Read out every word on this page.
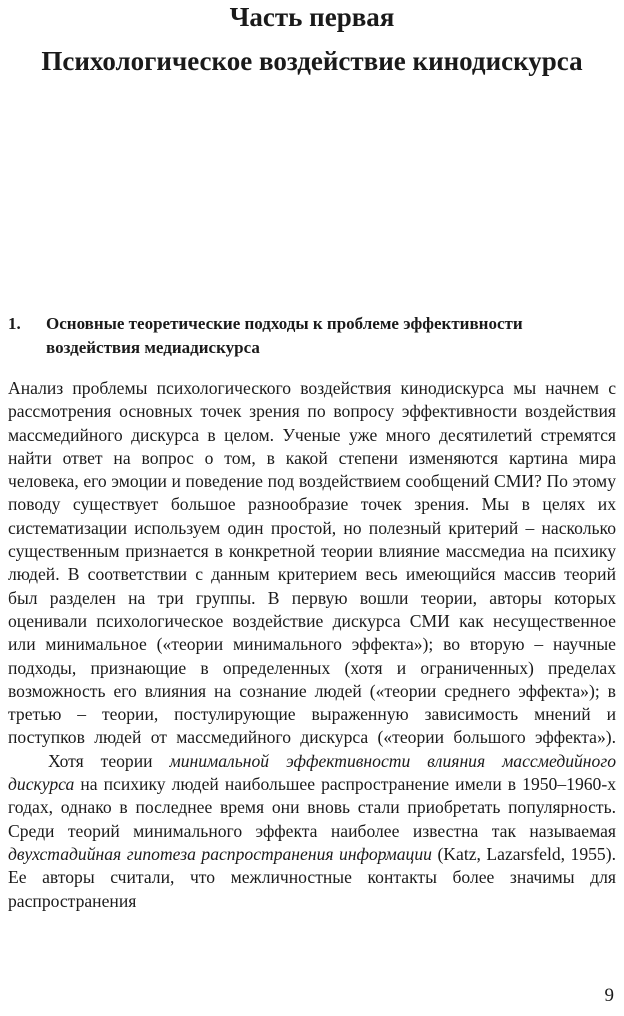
Часть первая
Психологическое воздействие кинодискурса
1. Основные теоретические подходы к проблеме эффективности воздействия медиадискурса

Анализ проблемы психологического воздействия кинодискурса мы начнем с рассмотрения основных точек зрения по вопросу эффективности воздействия массмедийного дискурса в целом. Ученые уже много десятилетий стремятся найти ответ на вопрос о том, в какой степени изменяются картина мира человека, его эмоции и поведение под воздействием сообщений СМИ? По этому поводу существует большое разнообразие точек зрения. Мы в целях их систематизации используем один простой, но полезный критерий – насколько существенным признается в конкретной теории влияние массмедиа на психику людей. В соответствии с данным критерием весь имеющийся массив теорий был разделен на три группы. В первую вошли теории, авторы которых оценивали психологическое воздействие дискурса СМИ как несущественное или минимальное («теории минимального эффекта»); во вторую – научные подходы, признающие в определенных (хотя и ограниченных) пределах возможность его влияния на сознание людей («теории среднего эффекта»); в третью – теории, постулирующие выраженную зависимость мнений и поступков людей от массмедийного дискурса («теории большого эффекта»).

Хотя теории минимальной эффективности влияния массмедийного дискурса на психику людей наибольшее распространение имели в 1950–1960-х годах, однако в последнее время они вновь стали приобретать популярность. Среди теорий минимального эффекта наиболее известна так называемая двухстадийная гипотеза распространения информации (Katz, Lazarsfeld, 1955). Ее авторы считали, что межличностные контакты более значимы для распространения

9
